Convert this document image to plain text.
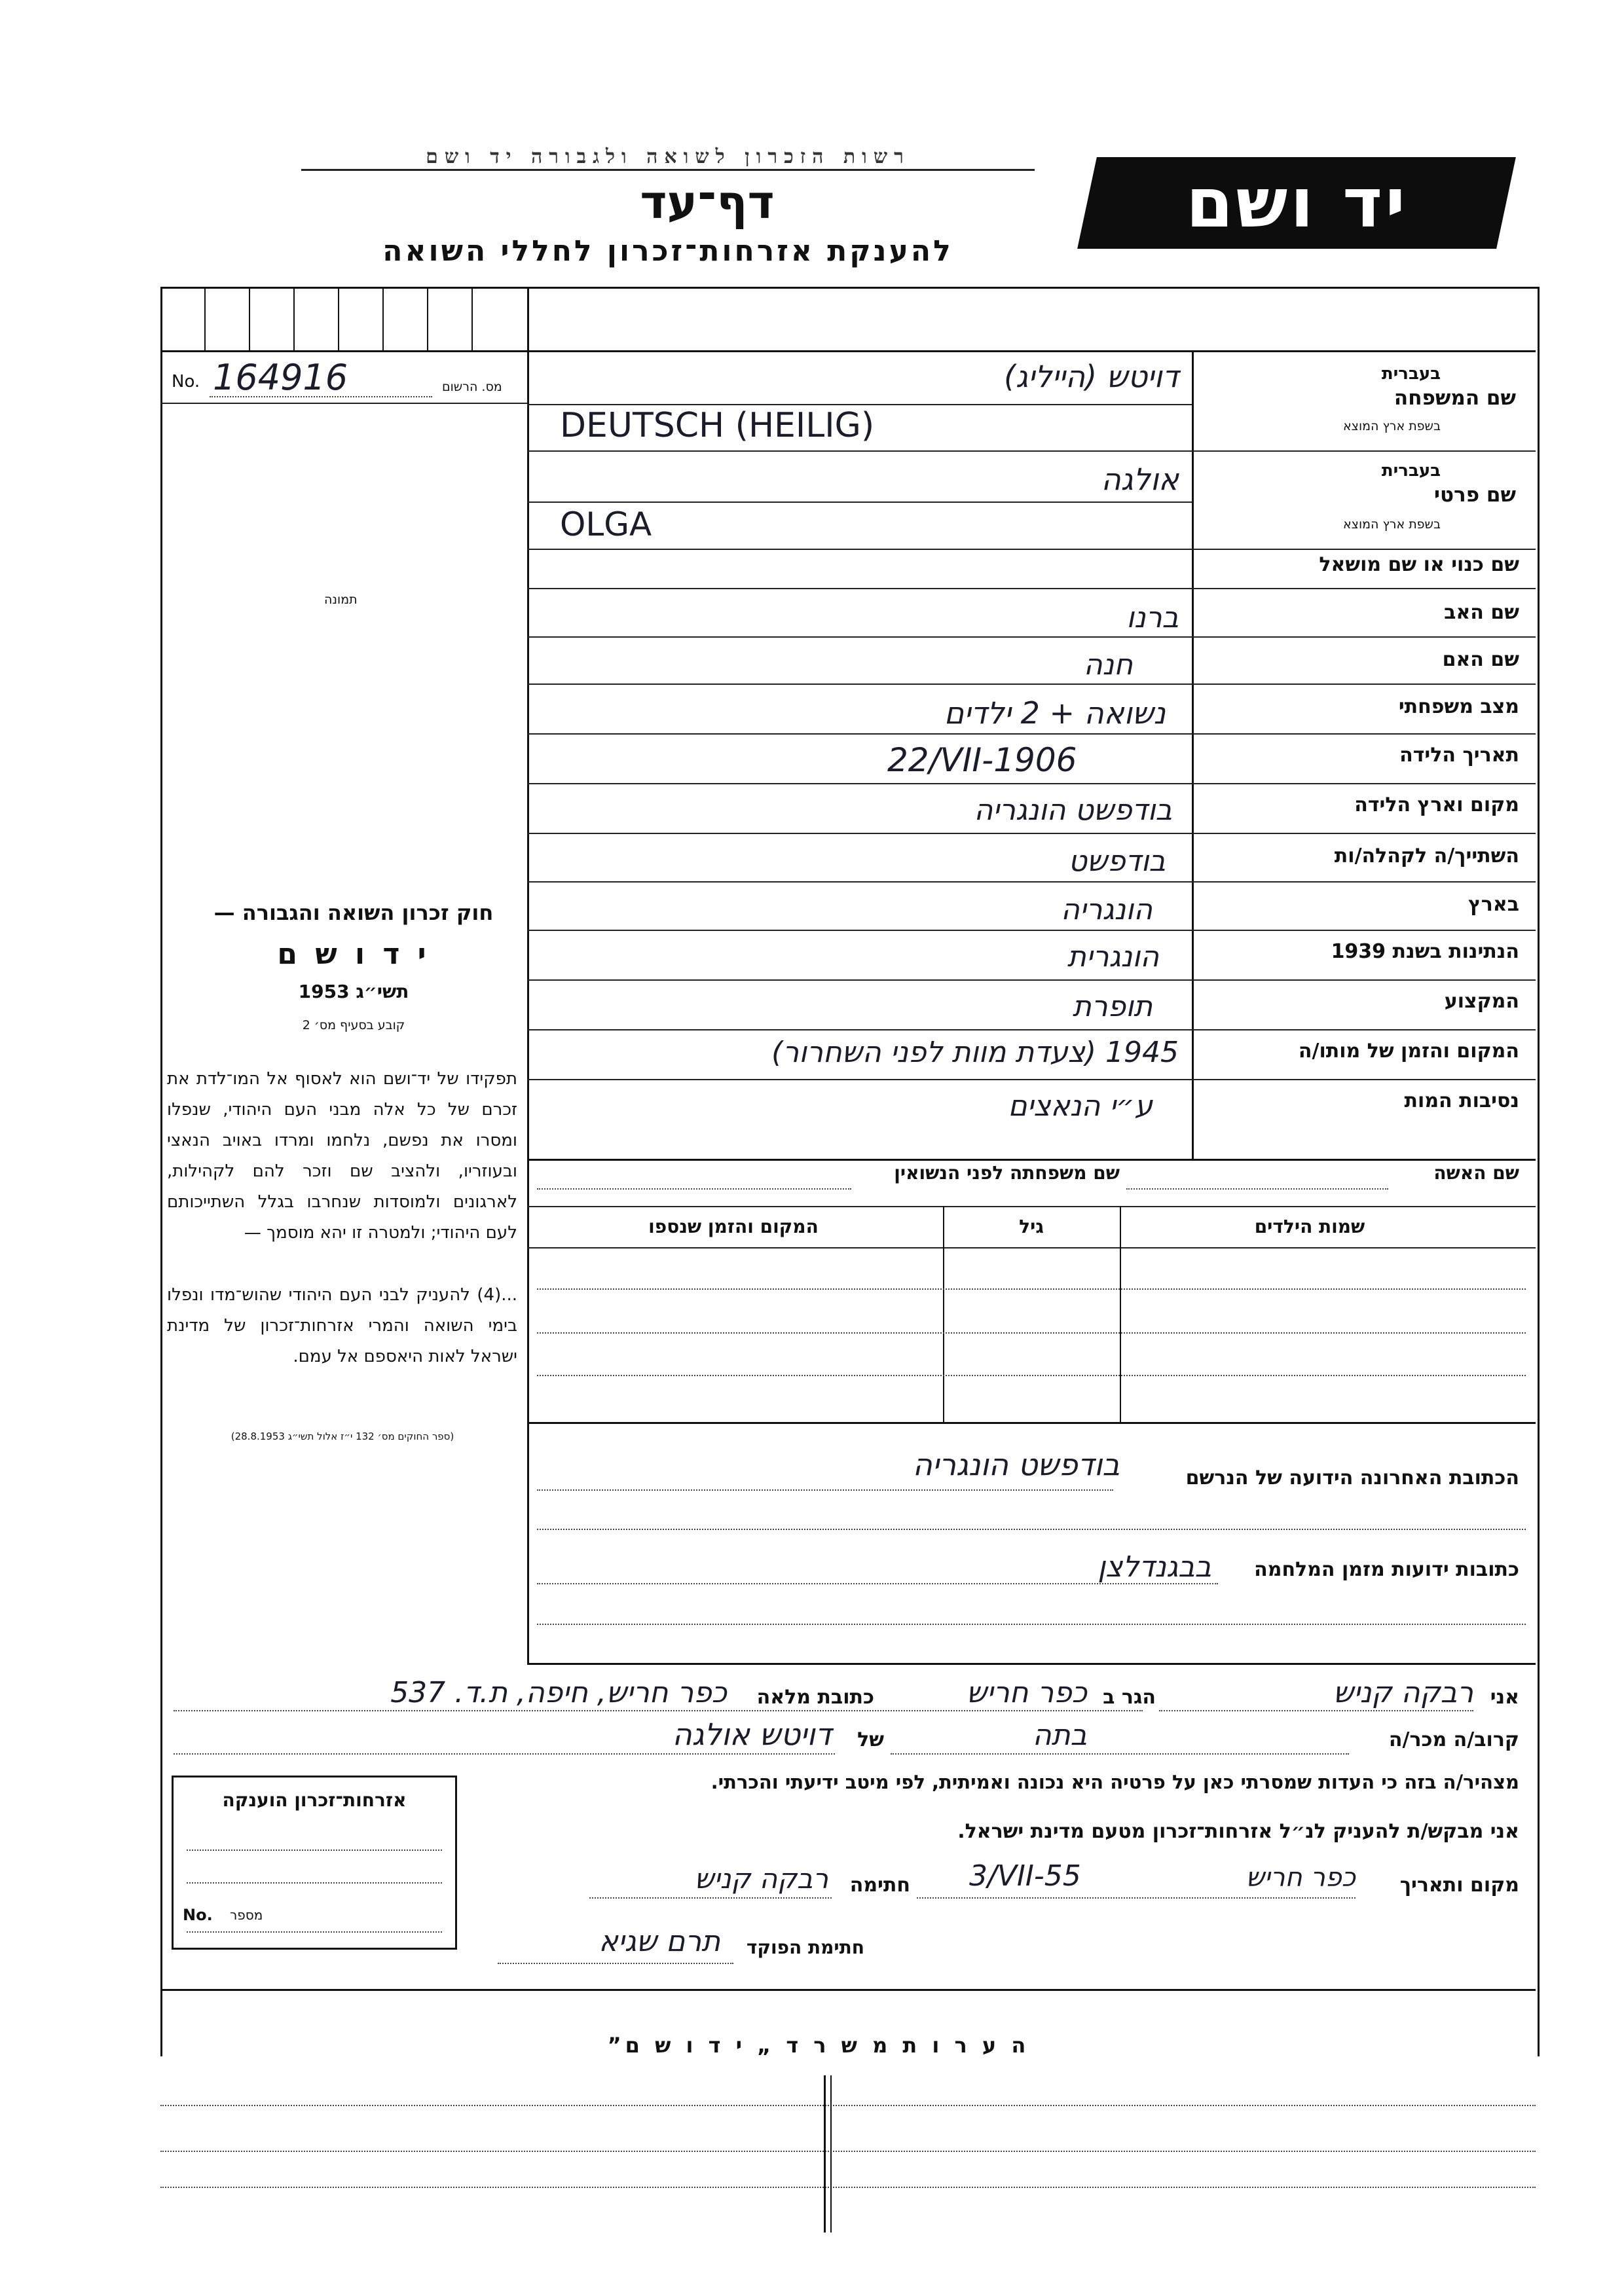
רשות הזכרון לשואה ולגבורה יד ושם
דף־עד
להענקת אזרחות־זכרון לחללי השואה
יד ושם
No. 164916	מס. הרשום
תמונה
חוק זכרון השואה והגבורה —
י ד ו ש ם
תשי״ג 1953
קובע בסעיף מס׳ 2
תפקידו של יד־ושם הוא לאסוף אל המו־לדת את זכרם של כל אלה מבני העם היהודי, שנפלו ומסרו את נפשם, נלחמו ומרדו באויב הנאצי ובעוזריו, ולהציב שם וזכר להם לקהילות, לארגונים ולמוסדות שנחרבו בגלל השתייכותם לעם היהודי; ולמטרה זו יהא מוסמך —
...(4) להעניק לבני העם היהודי שהוש־מדו ונפלו בימי השואה והמרי אזרחות־זכרון של מדינת ישראל לאות היאספם אל עמם.
(ספר החוקים מס׳ 132 י״ז אלול תשי״ג 28.8.1953)
שם המשפחה
בעברית
בשפת ארץ המוצא
דויטש (הייליג)
DEUTSCH (HEILIG)
שם פרטי
בעברית
בשפת ארץ המוצא
אולגה
OLGA
שם כנוי או שם מושאל
שם האב
ברנו
שם האם
חנה
מצב משפחתי
נשואה + 2 ילדים
תאריך הלידה
22/VII-1906
מקום וארץ הלידה
בודפשט הונגריה
השתייך/ה לקהלה/ות
בודפשט
בארץ
הונגריה
הנתינות בשנת 1939
הונגרית
המקצוע
תופרת
המקום והזמן של מותו/ה
1945 (צעדת מוות לפני השחרור)
נסיבות המות
ע״י הנאצים
שם האשה
שם משפחתה לפני הנשואין
שמות הילדים
גיל
המקום והזמן שנספו
הכתובת האחרונה הידועה של הנרשם
בודפשט הונגריה
כתובות ידועות מזמן המלחמה
בבגנדלצן
אני
רבקה קניש
הגר ב
כפר חריש
כתובת מלאה
כפר חריש, חיפה, ת.ד. 537
קרוב/ה מכר/ה
בתה
של
דויטש אולגה
מצהיר/ה בזה כי העדות שמסרתי כאן על פרטיה היא נכונה ואמיתית, לפי מיטב ידיעתי והכרתי.
אני מבקש/ת להעניק לנ״ל אזרחות־זכרון מטעם מדינת ישראל.
מקום ותאריך
כפר חריש
3/VII-55
חתימה
רבקה קניש
חתימת הפוקד
תרם שגיא
אזרחות־זכרון הוענקה
No. מספר
ה ע ר ו ת מ ש ר ד „ י ד ו ש ם”
